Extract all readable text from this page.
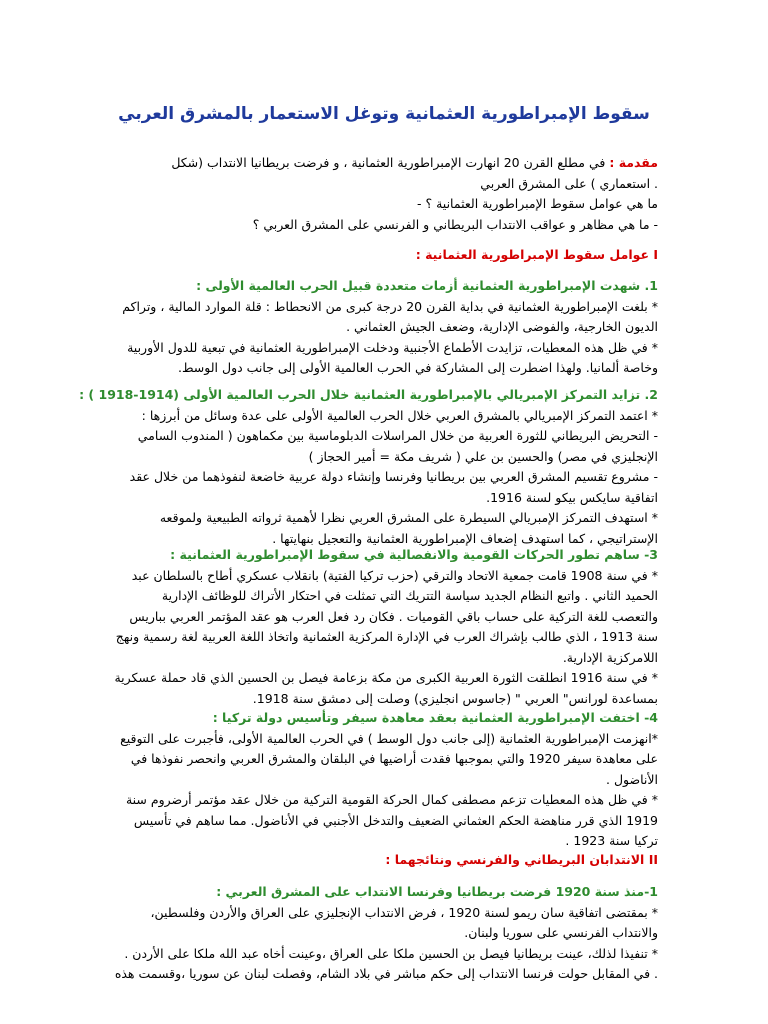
سقوط الإمبراطورية العثمانية وتوغل الاستعمار بالمشرق العربي
مقدمة : في مطلع القرن 20 انهارت الإمبراطورية العثمانية ، و فرضت بريطانيا الانتداب (شكل
. استعماري ) على المشرق العربي
ما هي عوامل سقوط الإمبراطورية العثمانية ؟ -
- ما هي مظاهر و عواقب الانتداب البريطاني و الفرنسي على المشرق العربي ؟
I عوامل سقوط الإمبراطورية العثمانية :
1. شهدت الإمبراطورية العثمانية أزمات متعددة قبيل الحرب العالمية الأولى :
* بلغت الإمبراطورية العثمانية في بداية القرن 20 درجة كبرى من الانحطاط : قلة الموارد المالية ، وتراكم
الديون الخارجية، والفوضى الإدارية، وضعف الجيش العثماني .
* في ظل هذه المعطيات، تزايدت الأطماع الأجنبية ودخلت الإمبراطورية العثمانية في تبعية للدول الأوربية
وخاصة ألمانيا. ولهذا اضطرت إلى المشاركة في الحرب العالمية الأولى إلى جانب دول الوسط.
2. تزايد التمركز الإمبريالي بالإمبراطورية العثمانية خلال الحرب العالمية الأولى (1914-1918 ) :
* اعتمد التمركز الإمبريالي بالمشرق العربي خلال الحرب العالمية الأولى على عدة وسائل من أبرزها :
- التحريض البريطاني للثورة العربية من خلال المراسلات الدبلوماسية بين مكماهون ( المندوب السامي
الإنجليزي في مصر) والحسين بن علي ( شريف مكة = أمير الحجاز )
- مشروع تقسيم المشرق العربي بين بريطانيا وفرنسا وإنشاء دولة عربية خاضعة لنفوذهما من خلال عقد
اتفاقية سايكس بيكو لسنة 1916.
* استهدف التمركز الإمبريالي السيطرة على المشرق العربي نظرا لأهمية ثرواته الطبيعية ولموقعه
الإستراتيجي ، كما استهدف إضعاف الإمبراطورية العثمانية والتعجيل بنهايتها .
3- ساهم تطور الحركات القومية والانفصالية في سقوط الإمبراطورية العثمانية :
* في سنة 1908 قامت جمعية الاتحاد والترقي (حزب تركيا الفتية) بانقلاب عسكري أطاح بالسلطان عبد
الحميد الثاني . واتبع النظام الجديد سياسة التتريك التي تمثلت في احتكار الأتراك للوظائف الإدارية
والتعصب للغة التركية على حساب باقي القوميات . فكان رد فعل العرب هو عقد المؤتمر العربي بباريس
سنة 1913 ، الذي طالب بإشراك العرب في الإدارة المركزية العثمانية واتخاذ اللغة العربية لغة رسمية ونهج
اللامركزية الإدارية.
* في سنة 1916 انطلقت الثورة العربية الكبرى من مكة بزعامة فيصل بن الحسين الذي قاد حملة عسكرية
بمساعدة لورانس" العربي " (جاسوس انجليزي) وصلت إلى دمشق سنة 1918.
4- اختفت الإمبراطورية العثمانية بعقد معاهدة سيفر وتأسيس دولة تركيا :
*انهزمت الإمبراطورية العثمانية (إلى جانب دول الوسط ) في الحرب العالمية الأولى، فأجبرت على التوقيع
على معاهدة سيفر 1920 والتي بموجبها فقدت أراضيها في البلقان والمشرق العربي وانحصر نفوذها في
الأناضول .
* في ظل هذه المعطيات تزعم مصطفى كمال الحركة القومية التركية من خلال عقد مؤتمر أرضروم سنة
1919 الذي قرر مناهضة الحكم العثماني الضعيف والتدخل الأجنبي في الأناضول. مما ساهم في تأسيس
تركيا سنة 1923 .
II الانتدابان البريطاني والفرنسي ونتائجهما :
1-منذ سنة 1920 فرضت بريطانيا وفرنسا الانتداب على المشرق العربي :
* بمقتضى اتفاقية سان ريمو لسنة 1920 ، فرض الانتداب الإنجليزي على العراق والأردن وفلسطين،
والانتداب الفرنسي على سوريا ولبنان.
* تنفيذا لذلك، عينت بريطانيا فيصل بن الحسين ملكا على العراق ،وعينت أخاه عبد الله ملكا على الأردن .
. في المقابل حولت فرنسا الانتداب إلى حكم مباشر في بلاد الشام، وفصلت لبنان عن سوريا ،وقسمت هذه
